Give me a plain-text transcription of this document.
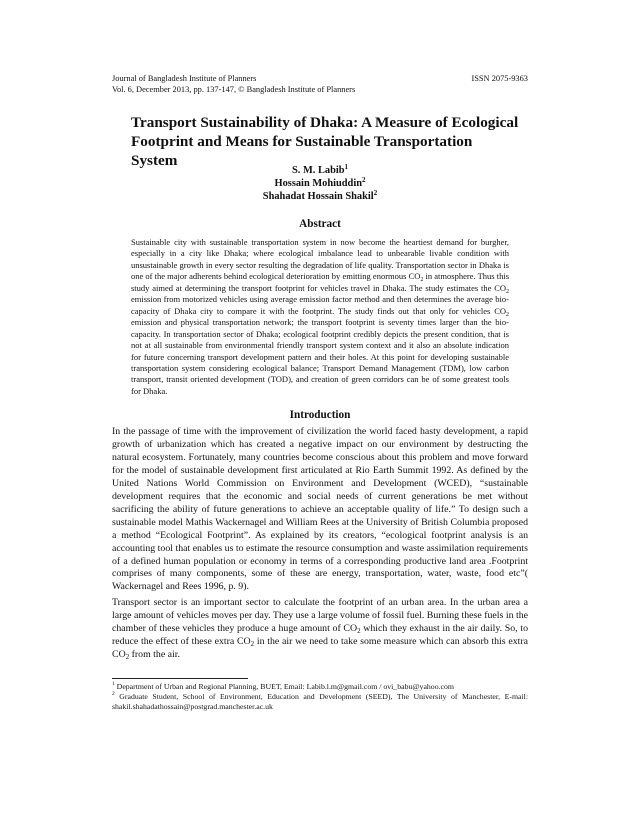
Journal of Bangladesh Institute of Planners	ISSN 2075-9363
Vol. 6, December 2013, pp. 137-147, © Bangladesh Institute of Planners
Transport Sustainability of Dhaka: A Measure of Ecological Footprint and Means for Sustainable Transportation System
S. M. Labib$^1$
Hossain Mohiuddin$^2$
Shahadat Hossain Shakil$^2$
Abstract
Sustainable city with sustainable transportation system in now become the heartiest demand for burgher, especially in a city like Dhaka; where ecological imbalance lead to unbearable livable condition with unsustainable growth in every sector resulting the degradation of life quality. Transportation sector in Dhaka is one of the major adherents behind ecological deterioration by emitting enormous $CO_2$ in atmosphere. Thus this study aimed at determining the transport footprint for vehicles travel in Dhaka. The study estimates the $CO_2$ emission from motorized vehicles using average emission factor method and then determines the average bio-capacity of Dhaka city to compare it with the footprint. The study finds out that only for vehicles $CO_2$ emission and physical transportation network; the transport footprint is seventy times larger than the bio-capacity. In transportation sector of Dhaka; ecological footprint credibly depicts the present condition, that is not at all sustainable from environmental friendly transport system context and it also an absolute indication for future concerning transport development pattern and their holes. At this point for developing sustainable transportation system considering ecological balance; Transport Demand Management (TDM), low carbon transport, transit oriented development (TOD), and creation of green corridors can be of some greatest tools for Dhaka.
Introduction

In the passage of time with the improvement of civilization the world faced hasty development, a rapid growth of urbanization which has created a negative impact on our environment by destructing the natural ecosystem. Fortunately, many countries become conscious about this problem and move forward for the model of sustainable development first articulated at Rio Earth Summit 1992. As defined by the United Nations World Commission on Environment and Development (WCED), “sustainable development requires that the economic and social needs of current generations be met without sacrificing the ability of future generations to achieve an acceptable quality of life.” To design such a sustainable model Mathis Wackernagel and William Rees at the University of British Columbia proposed a method “Ecological Footprint”. As explained by its creators, “ecological footprint analysis is an accounting tool that enables us to estimate the resource consumption and waste assimilation requirements of a defined human population or economy in terms of a corresponding productive land area .Footprint comprises of many components, some of these are energy, transportation, water, waste, food etc”( Wackernagel and Rees 1996, p. 9).

Transport sector is an important sector to calculate the footprint of an urban area. In the urban area a large amount of vehicles moves per day. They use a large volume of fossil fuel. Burning these fuels in the chamber of these vehicles they produce a huge amount of $CO_2$ which they exhaust in the air daily. So, to reduce the effect of these extra $CO_2$ in the air we need to take some measure which can absorb this extra $CO_2$ from the air.

$^1$ Department of Urban and Regional Planning, BUET, Email: Labib.l.m@gmail.com / ovi_babu@yahoo.com

$^2$ Graduate Student, School of Environment, Education and Development (SEED), The University of Manchester, E-mail: shakil.shahadathossain@postgrad.manchester.ac.uk
